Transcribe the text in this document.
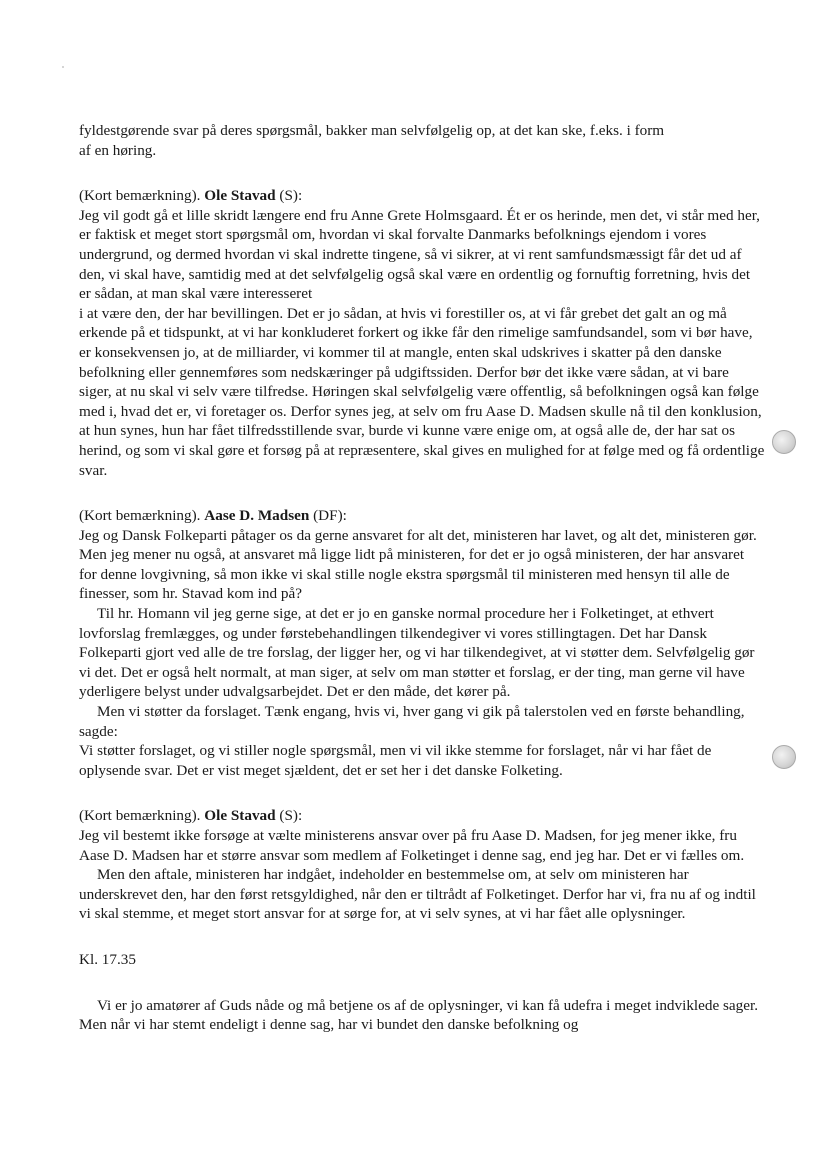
fyldestgørende svar på deres spørgsmål, bakker man selvfølgelig op, at det kan ske, f.eks. i form af en høring.

(Kort bemærkning). Ole Stavad (S):

Jeg vil godt gå et lille skridt længere end fru Anne Grete Holmsgaard. Ét er os herinde, men det, vi står med her, er faktisk et meget stort spørgsmål om, hvordan vi skal forvalte Danmarks befolknings ejendom i vores undergrund, og dermed hvordan vi skal indrette tingene, så vi sikrer, at vi rent samfundsmæssigt får det ud af den, vi skal have, samtidig med at det selvfølgelig også skal være en ordentlig og fornuftig forretning, hvis det er sådan, at man skal være interesseret

i at være den, der har bevillingen. Det er jo sådan, at hvis vi forestiller os, at vi får grebet det galt an og må erkende på et tidspunkt, at vi har konkluderet forkert og ikke får den rimelige samfundsandel, som vi bør have, er konsekvensen jo, at de milliarder, vi kommer til at mangle, enten skal udskrives i skatter på den danske befolkning eller gennemføres som nedskæringer på udgiftssiden. Derfor bør det ikke være sådan, at vi bare siger, at nu skal vi selv være tilfredse. Høringen skal selvfølgelig være offentlig, så befolkningen også kan følge med i, hvad det er, vi foretager os. Derfor synes jeg, at selv om fru Aase D. Madsen skulle nå til den konklusion, at hun synes, hun har fået tilfredsstillende svar, burde vi kunne være enige om, at også alle de, der har sat os herind, og som vi skal gøre et forsøg på at repræsentere, skal gives en mulighed for at følge med og få ordentlige svar.

(Kort bemærkning). Aase D. Madsen (DF):

Jeg og Dansk Folkeparti påtager os da gerne ansvaret for alt det, ministeren har lavet, og alt det, ministeren gør. Men jeg mener nu også, at ansvaret må ligge lidt på ministeren, for det er jo også ministeren, der har ansvaret for denne lovgivning, så mon ikke vi skal stille nogle ekstra spørgsmål til ministeren med hensyn til alle de finesser, som hr. Stavad kom ind på?

Til hr. Homann vil jeg gerne sige, at det er jo en ganske normal procedure her i Folketinget, at ethvert lovforslag fremlægges, og under førstebehandlingen tilkendegiver vi vores stillingtagen. Det har Dansk Folkeparti gjort ved alle de tre forslag, der ligger her, og vi har tilkendegivet, at vi støtter dem. Selvfølgelig gør vi det. Det er også helt normalt, at man siger, at selv om man støtter et forslag, er der ting, man gerne vil have yderligere belyst under udvalgsarbejdet. Det er den måde, det kører på.

Men vi støtter da forslaget. Tænk engang, hvis vi, hver gang vi gik på talerstolen ved en første behandling, sagde:

Vi støtter forslaget, og vi stiller nogle spørgsmål, men vi vil ikke stemme for forslaget, når vi har fået de oplysende svar. Det er vist meget sjældent, det er set her i det danske Folketing.

(Kort bemærkning). Ole Stavad (S):

Jeg vil bestemt ikke forsøge at vælte ministerens ansvar over på fru Aase D. Madsen, for jeg mener ikke, fru Aase D. Madsen har et større ansvar som medlem af Folketinget i denne sag, end jeg har. Det er vi fælles om.

Men den aftale, ministeren har indgået, indeholder en bestemmelse om, at selv om ministeren har underskrevet den, har den først retsgyldighed, når den er tiltrådt af Folketinget. Derfor har vi, fra nu af og indtil vi skal stemme, et meget stort ansvar for at sørge for, at vi selv synes, at vi har fået alle oplysninger.

Kl. 17.35

Vi er jo amatører af Guds nåde og må betjene os af de oplysninger, vi kan få udefra i meget indviklede sager. Men når vi har stemt endeligt i denne sag, har vi bundet den danske befolkning og
